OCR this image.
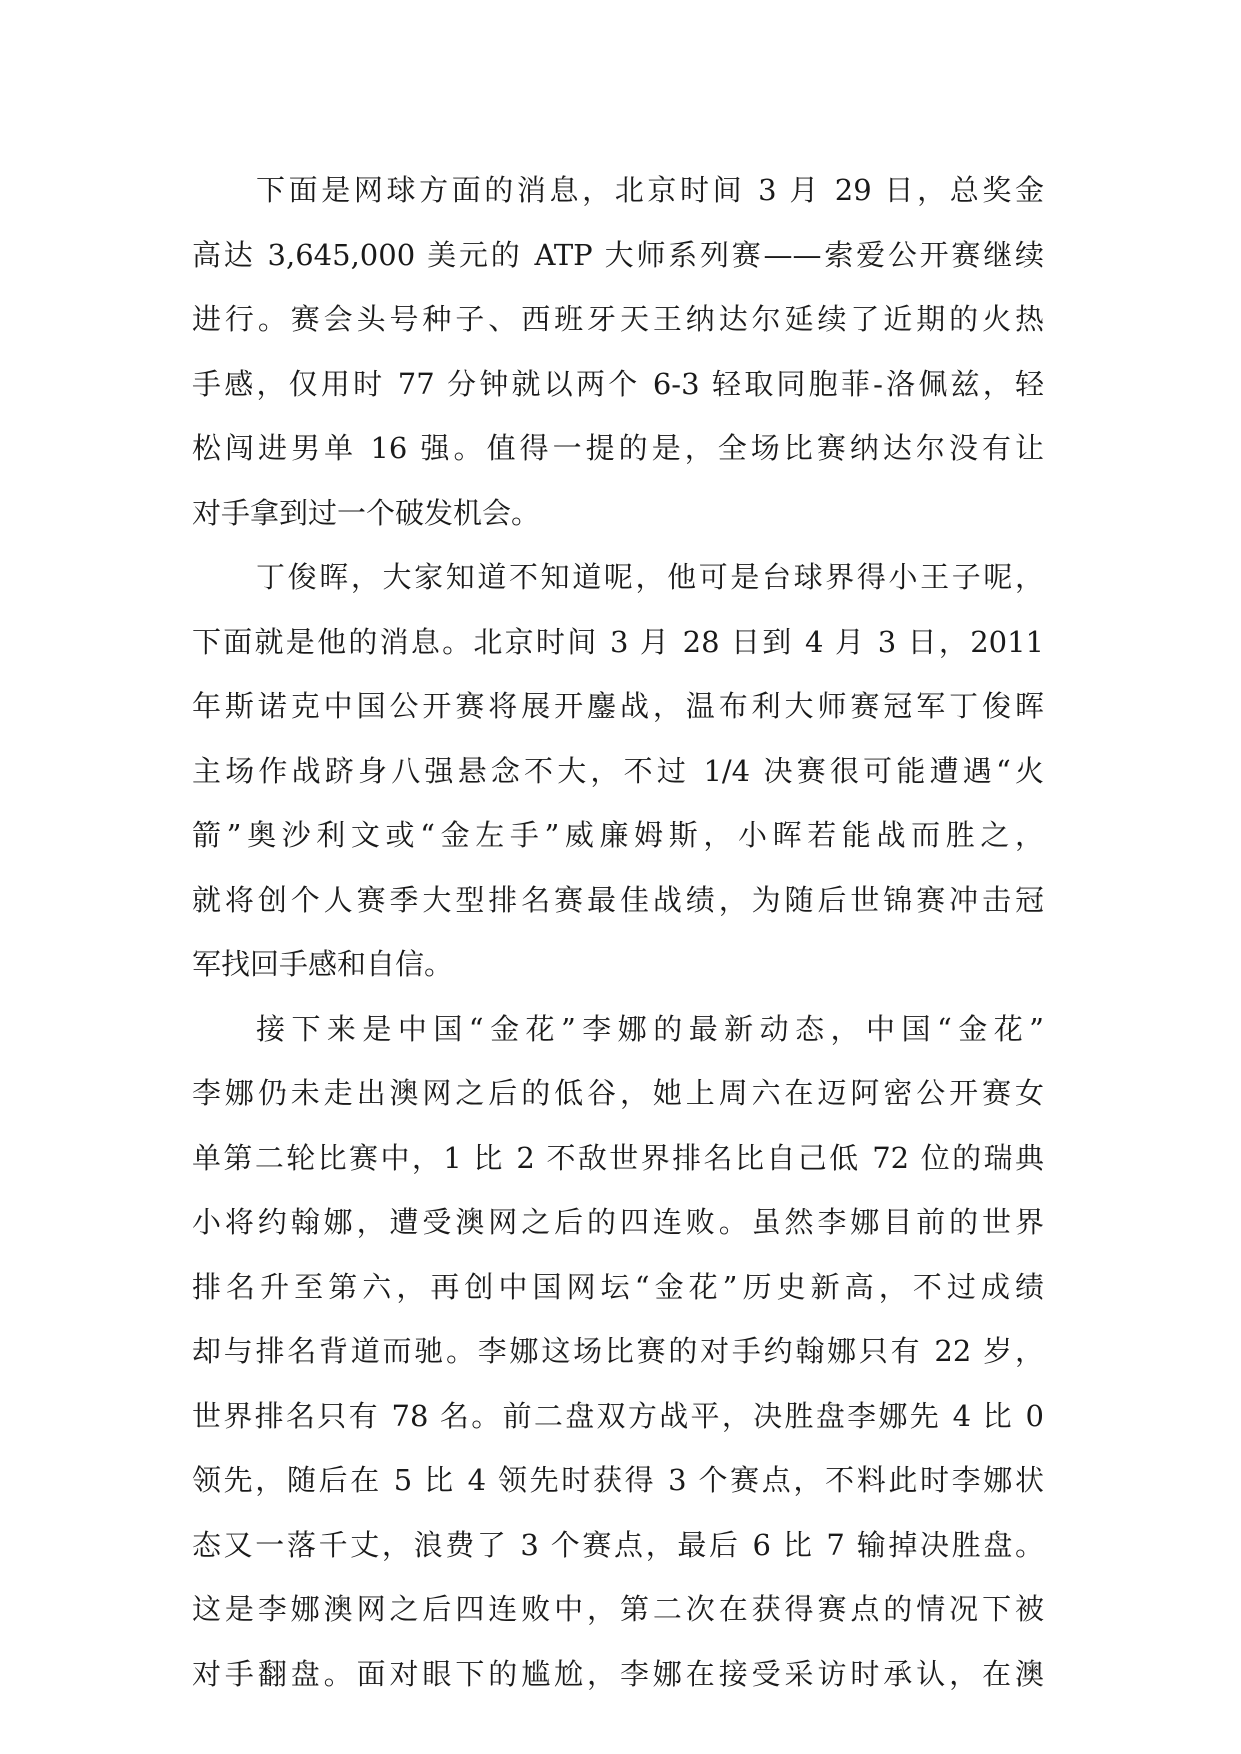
下面是网球方面的消息，北京时间 3 月 29 日，总奖金
高达 3,645,000 美元的 ATP 大师系列赛——索爱公开赛继续
进行。赛会头号种子、西班牙天王纳达尔延续了近期的火热
手感，仅用时 77 分钟就以两个 6-3 轻取同胞菲-洛佩兹，轻
松闯进男单 16 强。值得一提的是，全场比赛纳达尔没有让
对手拿到过一个破发机会。
丁俊晖，大家知道不知道呢，他可是台球界得小王子呢，
下面就是他的消息。北京时间 3 月 28 日到 4 月 3 日，2011
年斯诺克中国公开赛将展开鏖战，温布利大师赛冠军丁俊晖
主场作战跻身八强悬念不大，不过 1/4 决赛很可能遭遇“火
箭”奥沙利文或“金左手”威廉姆斯，小晖若能战而胜之，
就将创个人赛季大型排名赛最佳战绩，为随后世锦赛冲击冠
军找回手感和自信。
接下来是中国“金花”李娜的最新动态，中国“金花”
李娜仍未走出澳网之后的低谷，她上周六在迈阿密公开赛女
单第二轮比赛中，1 比 2 不敌世界排名比自己低 72 位的瑞典
小将约翰娜，遭受澳网之后的四连败。虽然李娜目前的世界
排名升至第六，再创中国网坛“金花”历史新高，不过成绩
却与排名背道而驰。李娜这场比赛的对手约翰娜只有 22 岁，
世界排名只有 78 名。前二盘双方战平，决胜盘李娜先 4 比 0
领先，随后在 5 比 4 领先时获得 3 个赛点，不料此时李娜状
态又一落千丈，浪费了 3 个赛点，最后 6 比 7 输掉决胜盘。
这是李娜澳网之后四连败中，第二次在获得赛点的情况下被
对手翻盘。面对眼下的尴尬，李娜在接受采访时承认，在澳
